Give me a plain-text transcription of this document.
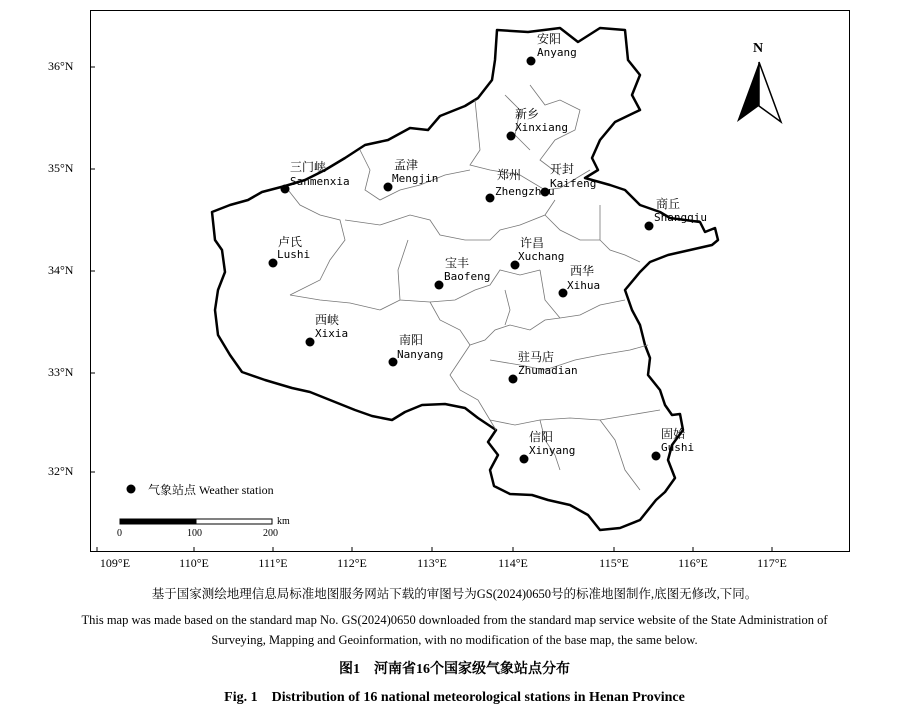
N
36°N
35°N
34°N
33°N
32°N
109°E	110°E	111°E	112°E	113°E	114°E	115°E	116°E	117°E
气象站点 Weather station
0	100	200
km
安阳
Anyang
新乡
Xinxiang
三门峡
Sanmenxia
孟津
Mengjin	郑州
Zhengzhou
开封
Kaifeng
商丘
Shangqiu
卢氏
Lushi
宝丰
Baofeng
许昌
Xuchang
西华
Xihua
西峡
Xixia	南阳
Nanyang	驻马店
Zhumadian
信阳
Xinyang
固始
Gushi
基于国家测绘地理信息局标准地图服务网站下载的审图号为GS(2024)0650号的标准地图制作,底图无修改,下同。
This map was made based on the standard map No. GS(2024)0650 downloaded from the standard map service website of the State Administration of
Surveying, Mapping and Geoinformation, with no modification of the base map, the same below.
图1　河南省16个国家级气象站点分布
Fig. 1　Distribution of 16 national meteorological stations in Henan Province
